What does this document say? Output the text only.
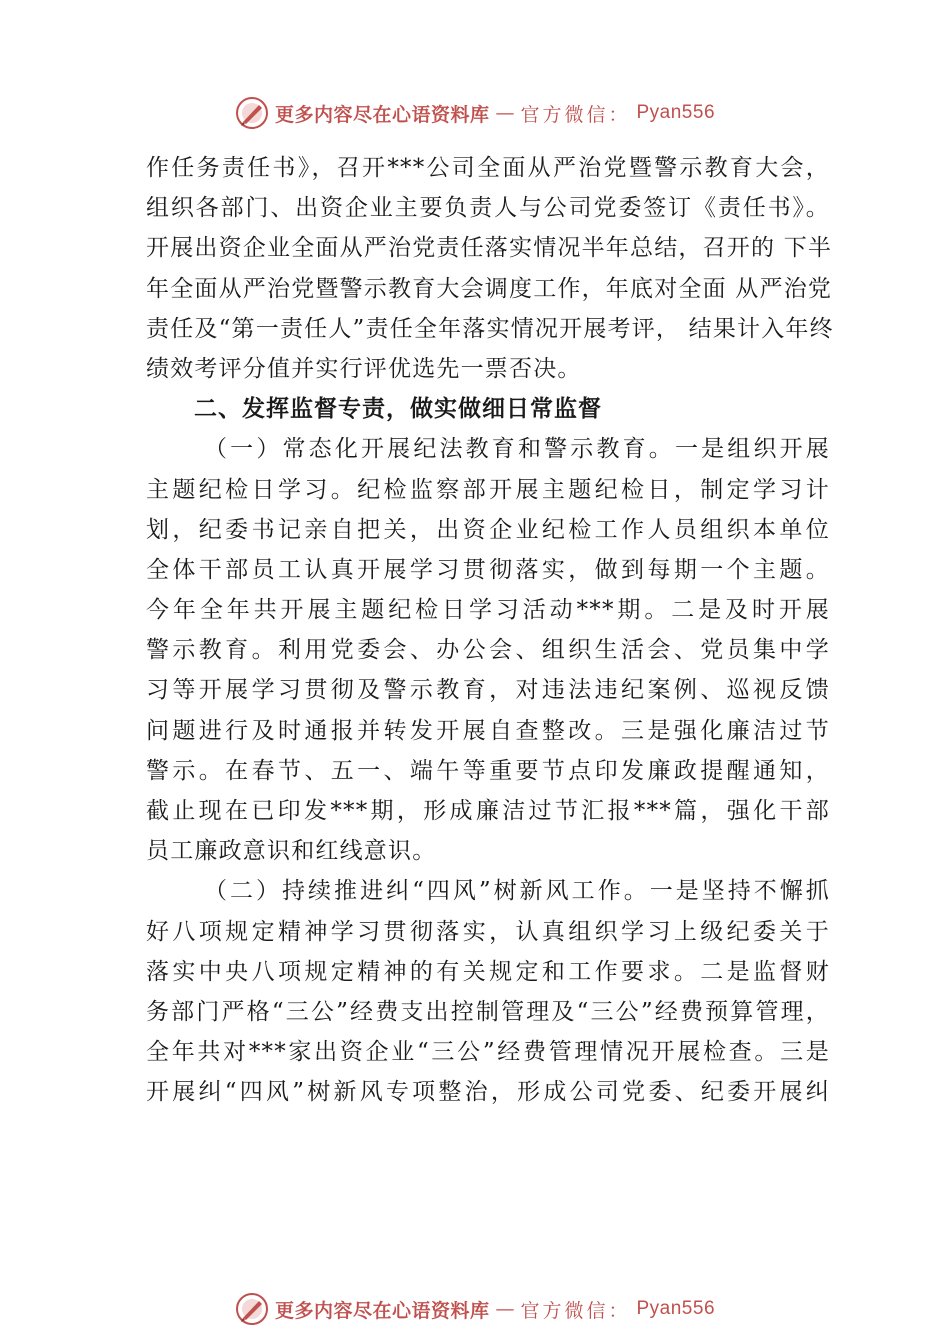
更多内容尽在心语资料库 — 官方微信： Pyan556
作任务责任书》，召开***公司全面从严治党暨警示教育大会，
组织各部门、出资企业主要负责人与公司党委签订《责任书》。
开展出资企业全面从严治党责任落实情况半年总结，召开的 下半
年全面从严治党暨警示教育大会调度工作，年底对全面 从严治党
责任及“第一责任人”责任全年落实情况开展考评， 结果计入年终
绩效考评分值并实行评优选先一票否决。
二、发挥监督专责，做实做细日常监督
（一）常态化开展纪法教育和警示教育。一是组织开展
主题纪检日学习。纪检监察部开展主题纪检日，制定学习计
划，纪委书记亲自把关，出资企业纪检工作人员组织本单位
全体干部员工认真开展学习贯彻落实，做到每期一个主题。
今年全年共开展主题纪检日学习活动***期。二是及时开展
警示教育。利用党委会、办公会、组织生活会、党员集中学
习等开展学习贯彻及警示教育，对违法违纪案例、巡视反馈
问题进行及时通报并转发开展自查整改。三是强化廉洁过节
警示。在春节、五一、端午等重要节点印发廉政提醒通知，
截止现在已印发***期，形成廉洁过节汇报***篇，强化干部
员工廉政意识和红线意识。
（二）持续推进纠“四风”树新风工作。一是坚持不懈抓
好八项规定精神学习贯彻落实，认真组织学习上级纪委关于
落实中央八项规定精神的有关规定和工作要求。二是监督财
务部门严格“三公”经费支出控制管理及“三公”经费预算管理，
全年共对***家出资企业“三公”经费管理情况开展检查。三是
开展纠“四风”树新风专项整治，形成公司党委、纪委开展纠
更多内容尽在心语资料库 — 官方微信： Pyan556
